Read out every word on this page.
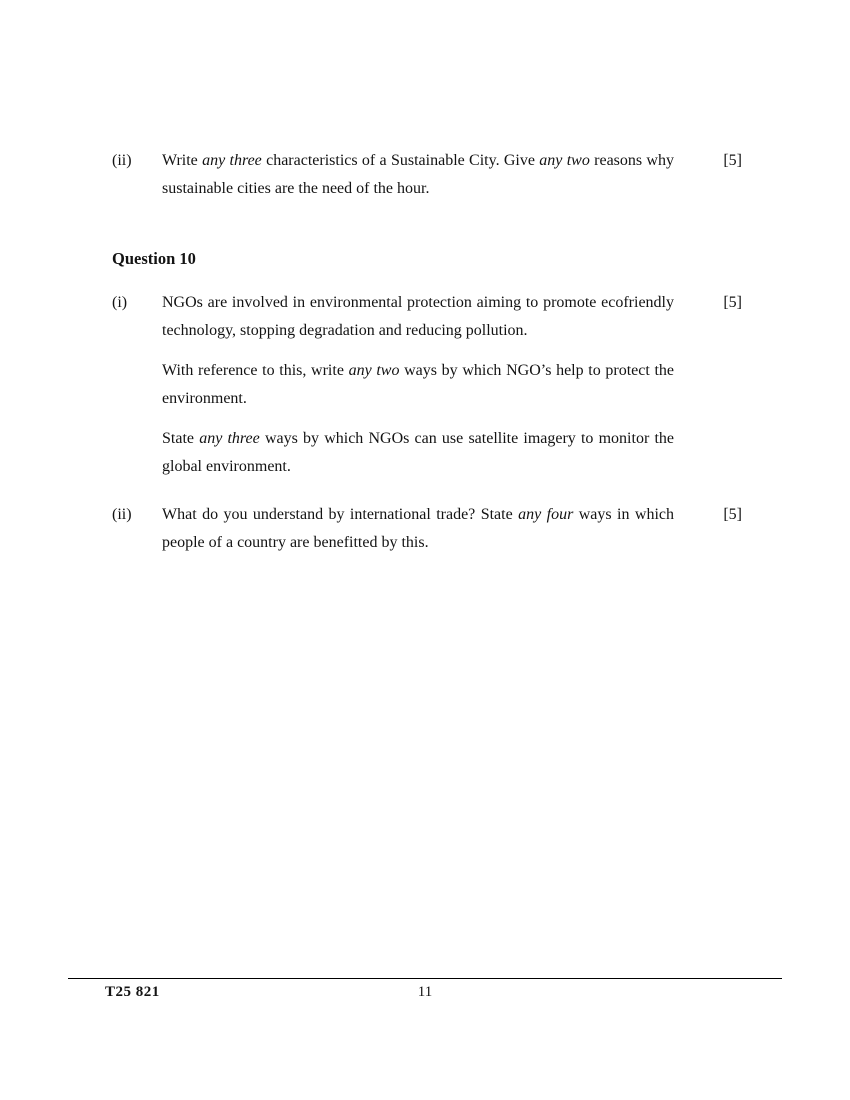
(ii)	Write any three characteristics of a Sustainable City. Give any two reasons why sustainable cities are the need of the hour.

[5]
Question 10
(i)	NGOs are involved in environmental protection aiming to promote ecofriendly technology, stopping degradation and reducing pollution.

With reference to this, write any two ways by which NGO’s help to protect the environment.

State any three ways by which NGOs can use satellite imagery to monitor the global environment.

[5]
(ii)	What do you understand by international trade? State any four ways in which people of a country are benefitted by this.

[5]
T25 821	11
